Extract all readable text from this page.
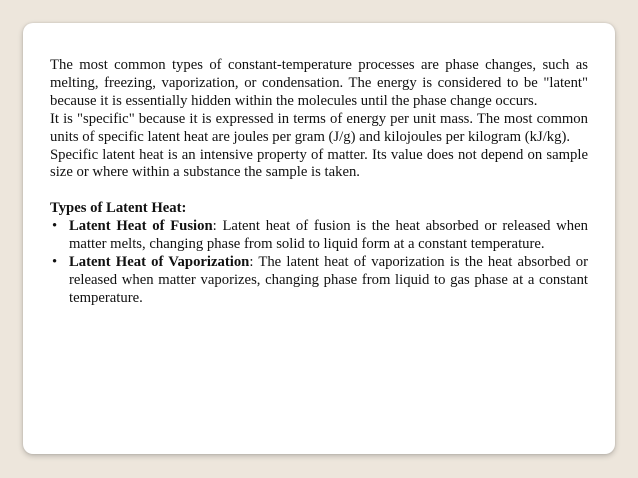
The most common types of constant-temperature processes are phase changes, such as melting, freezing, vaporization, or condensation. The energy is considered to be "latent" because it is essentially hidden within the molecules until the phase change occurs.

It is "specific" because it is expressed in terms of energy per unit mass. The most common units of specific latent heat are joules per gram (J/g) and kilojoules per kilogram (kJ/kg).

Specific latent heat is an intensive property of matter. Its value does not depend on sample size or where within a substance the sample is taken.

Types of Latent Heat:

• Latent Heat of Fusion: Latent heat of fusion is the heat absorbed or released when matter melts, changing phase from solid to liquid form at a constant temperature.
• Latent Heat of Vaporization: The latent heat of vaporization is the heat absorbed or released when matter vaporizes, changing phase from liquid to gas phase at a constant temperature.
